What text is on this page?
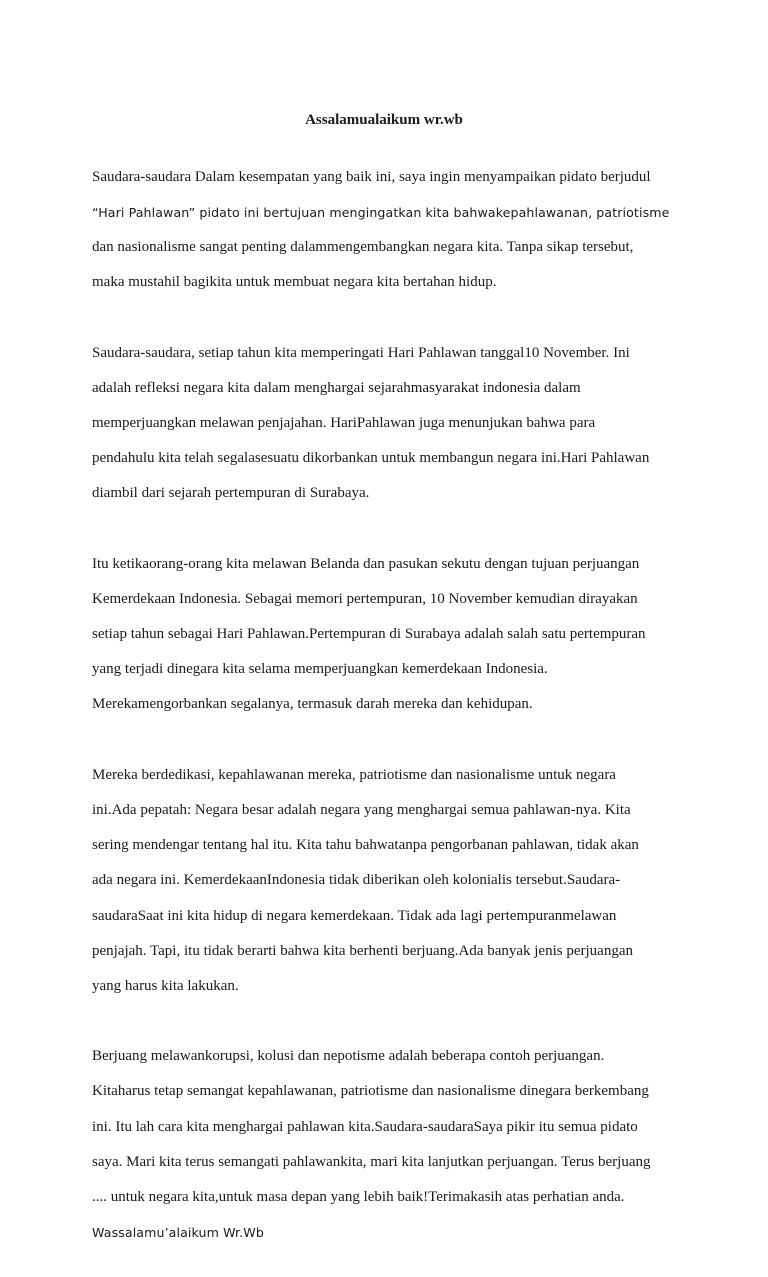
Assalamualaikum wr.wb

Saudara-saudara Dalam kesempatan yang baik ini, saya ingin menyampaikan pidato berjudul

“Hari Pahlawan” pidato ini bertujuan mengingatkan kita bahwakepahlawanan, patriotisme

dan nasionalisme sangat penting dalammengembangkan negara kita. Tanpa sikap tersebut,

maka mustahil bagikita untuk membuat negara kita bertahan hidup.

Saudara-saudara, setiap tahun kita memperingati Hari Pahlawan tanggal10 November. Ini

adalah refleksi negara kita dalam menghargai sejarahmasyarakat indonesia dalam

memperjuangkan melawan penjajahan. HariPahlawan juga menunjukan bahwa para

pendahulu kita telah segalasesuatu dikorbankan untuk membangun negara ini.Hari Pahlawan

diambil dari sejarah pertempuran di Surabaya.

Itu ketikaorang-orang kita melawan Belanda dan pasukan sekutu dengan tujuan perjuangan

Kemerdekaan Indonesia. Sebagai memori pertempuran, 10 November kemudian dirayakan

setiap tahun sebagai Hari Pahlawan.Pertempuran di Surabaya adalah salah satu pertempuran

yang terjadi dinegara kita selama memperjuangkan kemerdekaan Indonesia.

Merekamengorbankan segalanya, termasuk darah mereka dan kehidupan.

Mereka berdedikasi, kepahlawanan mereka, patriotisme dan nasionalisme untuk negara

ini.Ada pepatah: Negara besar adalah negara yang menghargai semua pahlawan-nya. Kita

sering mendengar tentang hal itu. Kita tahu bahwatanpa pengorbanan pahlawan, tidak akan

ada negara ini. KemerdekaanIndonesia tidak diberikan oleh kolonialis tersebut.Saudara-

saudaraSaat ini kita hidup di negara kemerdekaan. Tidak ada lagi pertempuranmelawan

penjajah. Tapi, itu tidak berarti bahwa kita berhenti berjuang.Ada banyak jenis perjuangan

yang harus kita lakukan.

Berjuang melawankorupsi, kolusi dan nepotisme adalah beberapa contoh perjuangan.

Kitaharus tetap semangat kepahlawanan, patriotisme dan nasionalisme dinegara berkembang

ini. Itu lah cara kita menghargai pahlawan kita.Saudara-saudaraSaya pikir itu semua pidato

saya. Mari kita terus semangati pahlawankita, mari kita lanjutkan perjuangan. Terus berjuang

.... untuk negara kita,untuk masa depan yang lebih baik!Terimakasih atas perhatian anda.

Wassalamu’alaikum Wr.Wb
